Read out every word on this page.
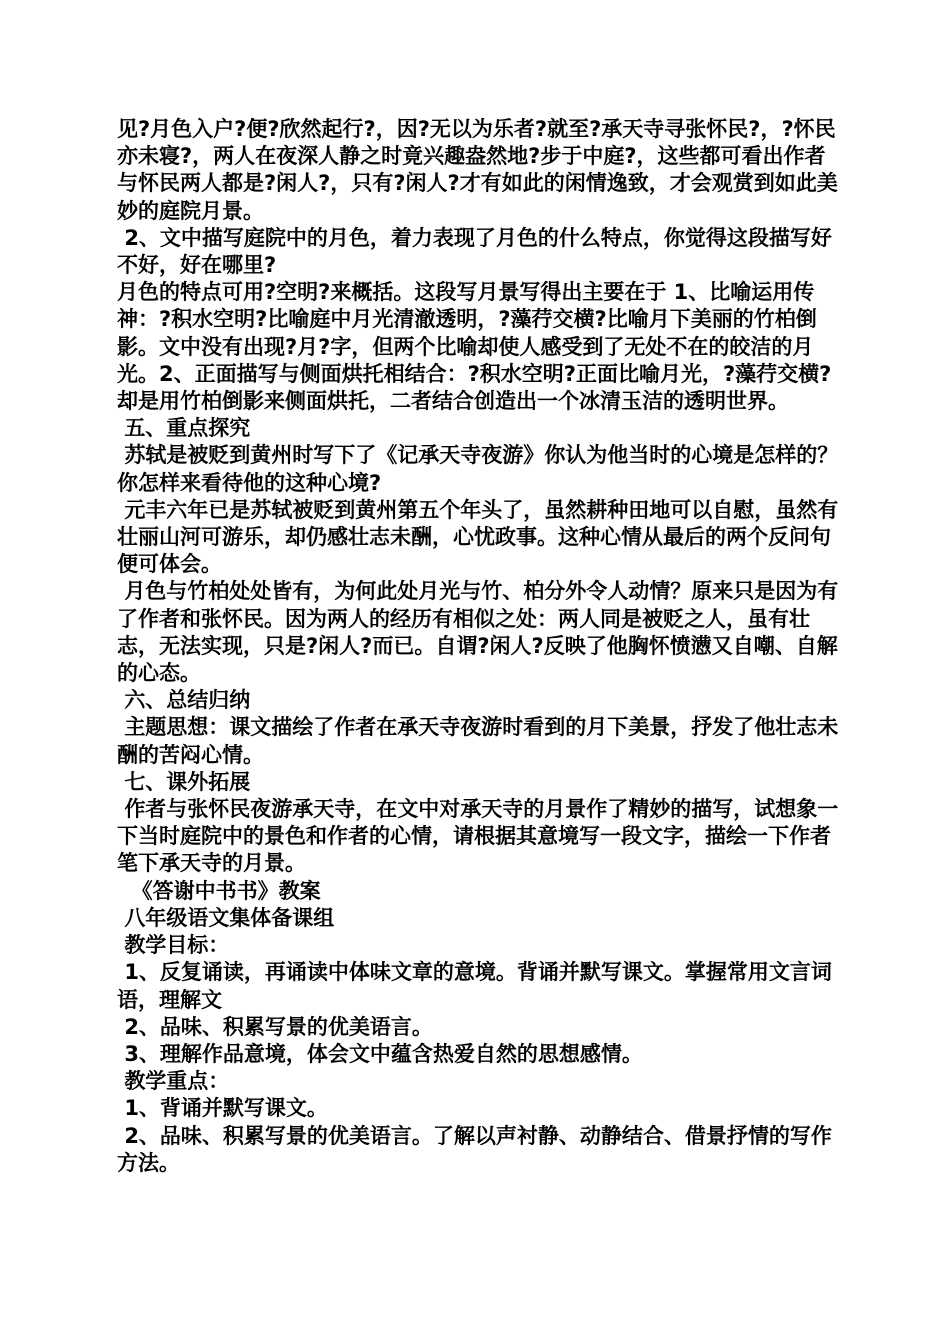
见?月色入户?便?欣然起行?，因?无以为乐者?就至?承天寺寻张怀民?，?怀民亦未寝?，两人在夜深人静之时竟兴趣盎然地?步于中庭?，这些都可看出作者与怀民两人都是?闲人?，只有?闲人?才有如此的闲情逸致，才会观赏到如此美妙的庭院月景。

2、文中描写庭院中的月色，着力表现了月色的什么特点，你觉得这段描写好不好，好在哪里?

月色的特点可用?空明?来概括。这段写月景写得出主要在于 1、比喻运用传神：?积水空明?比喻庭中月光清澈透明，?藻荇交横?比喻月下美丽的竹柏倒影。文中没有出现?月?字，但两个比喻却使人感受到了无处不在的皎洁的月光。2、正面描写与侧面烘托相结合：?积水空明?正面比喻月光，?藻荇交横?却是用竹柏倒影来侧面烘托，二者结合创造出一个冰清玉洁的透明世界。

五、重点探究

苏轼是被贬到黄州时写下了《记承天寺夜游》你认为他当时的心境是怎样的？你怎样来看待他的这种心境?

元丰六年已是苏轼被贬到黄州第五个年头了，虽然耕种田地可以自慰，虽然有壮丽山河可游乐，却仍感壮志未酬，心忧政事。这种心情从最后的两个反问句便可体会。

月色与竹柏处处皆有，为何此处月光与竹、柏分外令人动情？原来只是因为有了作者和张怀民。因为两人的经历有相似之处：两人同是被贬之人，虽有壮志，无法实现，只是?闲人?而已。自谓?闲人?反映了他胸怀愤懑又自嘲、自解的心态。

六、总结归纳

主题思想：课文描绘了作者在承天寺夜游时看到的月下美景，抒发了他壮志未酬的苦闷心情。

七、课外拓展

作者与张怀民夜游承天寺，在文中对承天寺的月景作了精妙的描写，试想象一下当时庭院中的景色和作者的心情，请根据其意境写一段文字，描绘一下作者笔下承天寺的月景。

《答谢中书书》教案

八年级语文集体备课组

教学目标：

1、反复诵读，再诵读中体味文章的意境。背诵并默写课文。掌握常用文言词语，理解文

2、品味、积累写景的优美语言。

3、理解作品意境，体会文中蕴含热爱自然的思想感情。

教学重点：

1、背诵并默写课文。

2、品味、积累写景的优美语言。了解以声衬静、动静结合、借景抒情的写作方法。
